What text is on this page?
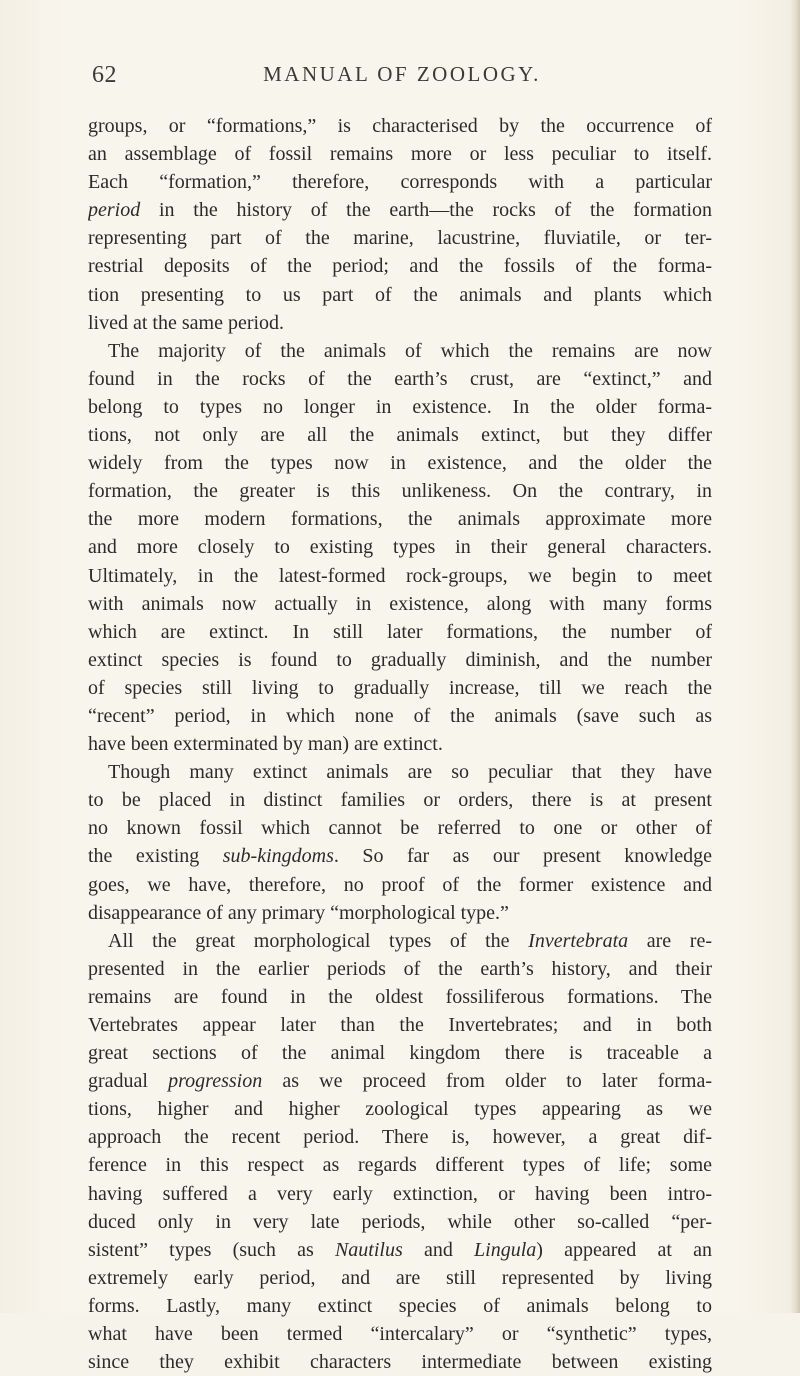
62	MANUAL OF ZOOLOGY.
groups, or “formations,” is characterised by the occurrence of
an assemblage of fossil remains more or less peculiar to itself.
Each “formation,” therefore, corresponds with a particular
period in the history of the earth—the rocks of the formation
representing part of the marine, lacustrine, fluviatile, or ter-
restrial deposits of the period; and the fossils of the forma-
tion presenting to us part of the animals and plants which
lived at the same period.
The majority of the animals of which the remains are now
found in the rocks of the earth’s crust, are “extinct,” and
belong to types no longer in existence. In the older forma-
tions, not only are all the animals extinct, but they differ
widely from the types now in existence, and the older the
formation, the greater is this unlikeness. On the contrary, in
the more modern formations, the animals approximate more
and more closely to existing types in their general characters.
Ultimately, in the latest-formed rock-groups, we begin to meet
with animals now actually in existence, along with many forms
which are extinct. In still later formations, the number of
extinct species is found to gradually diminish, and the number
of species still living to gradually increase, till we reach the
“recent” period, in which none of the animals (save such as
have been exterminated by man) are extinct.
Though many extinct animals are so peculiar that they have
to be placed in distinct families or orders, there is at present
no known fossil which cannot be referred to one or other of
the existing sub-kingdoms. So far as our present knowledge
goes, we have, therefore, no proof of the former existence and
disappearance of any primary “morphological type.”
All the great morphological types of the Invertebrata are re-
presented in the earlier periods of the earth’s history, and their
remains are found in the oldest fossiliferous formations. The
Vertebrates appear later than the Invertebrates; and in both
great sections of the animal kingdom there is traceable a
gradual progression as we proceed from older to later forma-
tions, higher and higher zoological types appearing as we
approach the recent period. There is, however, a great dif-
ference in this respect as regards different types of life; some
having suffered a very early extinction, or having been intro-
duced only in very late periods, while other so-called “per-
sistent” types (such as Nautilus and Lingula) appeared at an
extremely early period, and are still represented by living
forms. Lastly, many extinct species of animals belong to
what have been termed “intercalary” or “synthetic” types,
since they exhibit characters intermediate between existing
